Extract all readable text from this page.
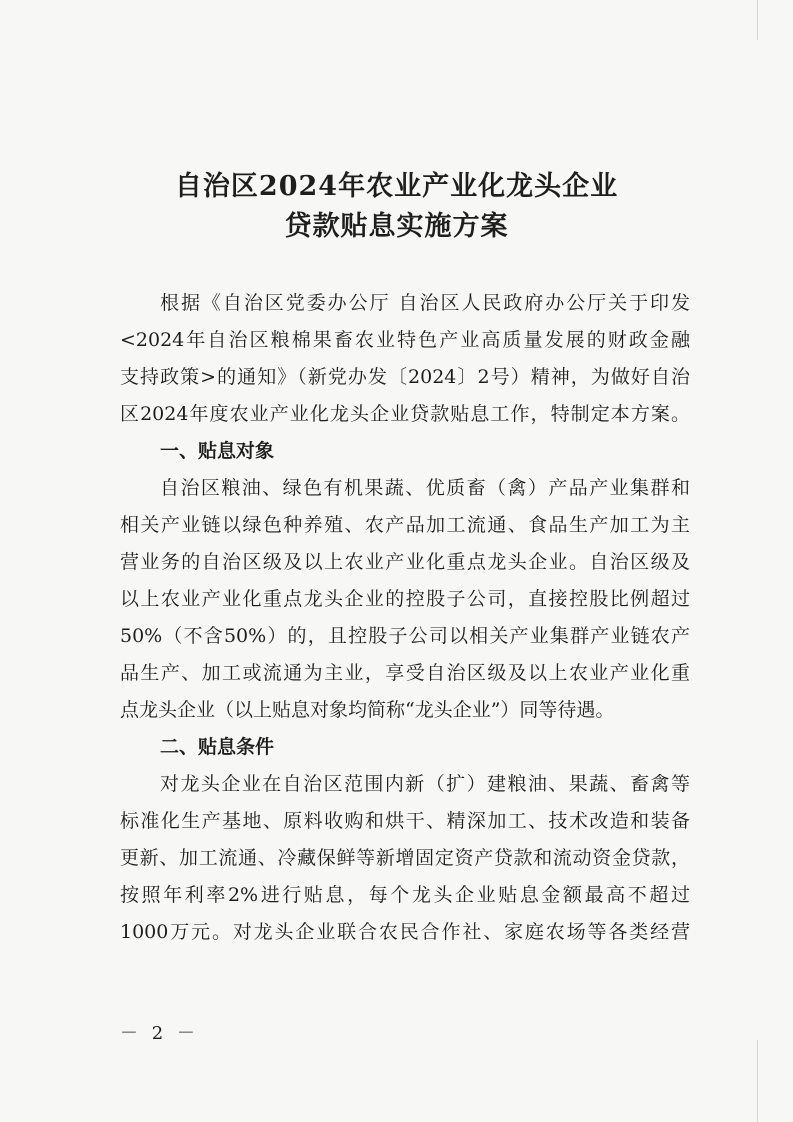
自治区2024年农业产业化龙头企业
贷款贴息实施方案
根据《自治区党委办公厅 自治区人民政府办公厅关于印发
<2024年自治区粮棉果畜农业特色产业高质量发展的财政金融
支持政策>的通知》（新党办发〔2024〕2号）精神，为做好自治
区2024年度农业产业化龙头企业贷款贴息工作，特制定本方案。
一、贴息对象
自治区粮油、绿色有机果蔬、优质畜（禽）产品产业集群和
相关产业链以绿色种养殖、农产品加工流通、食品生产加工为主
营业务的自治区级及以上农业产业化重点龙头企业。自治区级及
以上农业产业化重点龙头企业的控股子公司，直接控股比例超过
50%（不含50%）的，且控股子公司以相关产业集群产业链农产
品生产、加工或流通为主业，享受自治区级及以上农业产业化重
点龙头企业（以上贴息对象均简称“龙头企业”）同等待遇。
二、贴息条件
对龙头企业在自治区范围内新（扩）建粮油、果蔬、畜禽等
标准化生产基地、原料收购和烘干、精深加工、技术改造和装备
更新、加工流通、冷藏保鲜等新增固定资产贷款和流动资金贷款，
按照年利率2%进行贴息，每个龙头企业贴息金额最高不超过
1000万元。对龙头企业联合农民合作社、家庭农场等各类经营
－ 2 －
